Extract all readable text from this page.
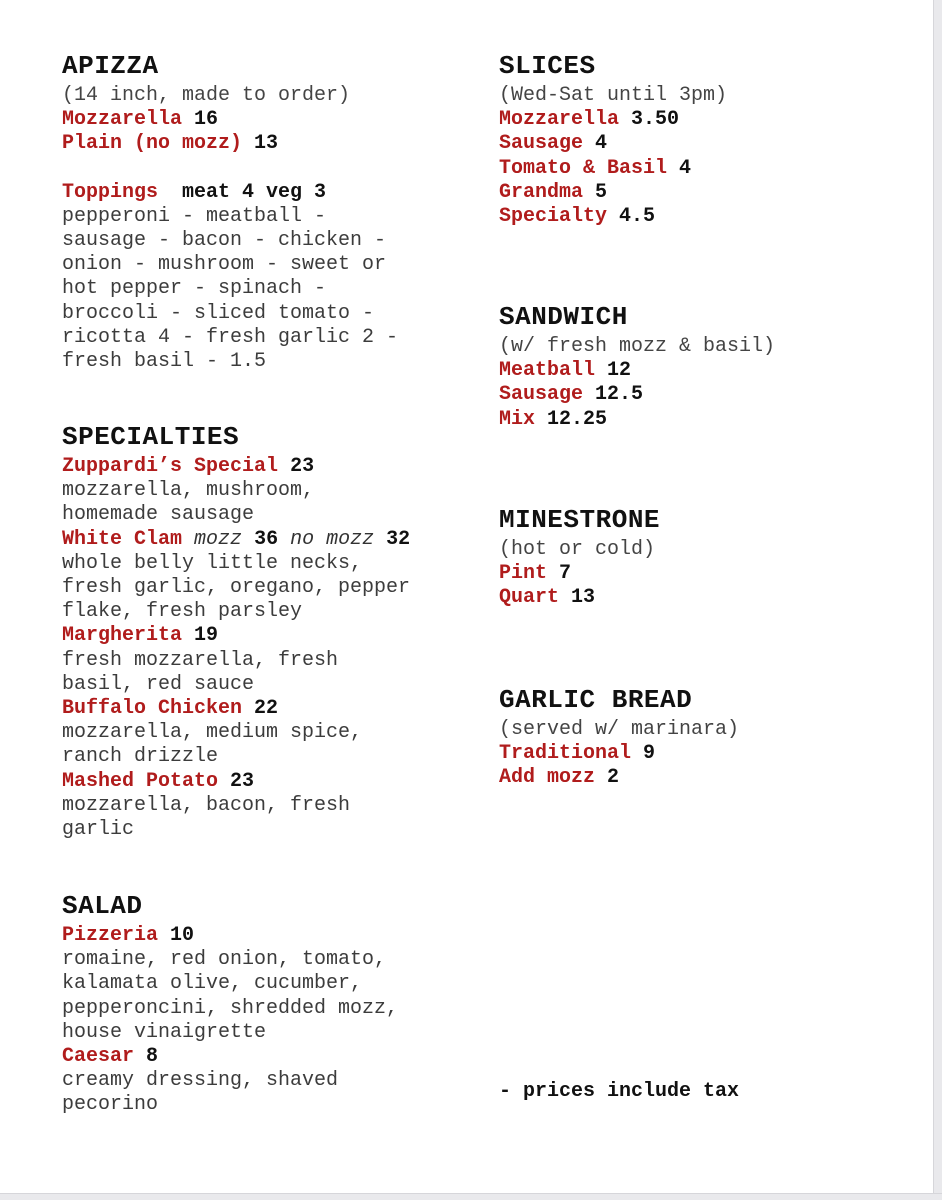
APIZZA
(14 inch, made to order)
Mozzarella 16
Plain (no mozz) 13
Toppings meat 4 veg 3
pepperoni - meatball -
sausage - bacon - chicken -
onion - mushroom - sweet or
hot pepper - spinach -
broccoli - sliced tomato -
ricotta 4 - fresh garlic 2 -
fresh basil - 1.5
SPECIALTIES
Zuppardi’s Special 23
mozzarella, mushroom,
homemade sausage
White Clam mozz 36 no mozz 32
whole belly little necks,
fresh garlic, oregano, pepper
flake, fresh parsley
Margherita 19
fresh mozzarella, fresh
basil, red sauce
Buffalo Chicken 22
mozzarella, medium spice,
ranch drizzle
Mashed Potato 23
mozzarella, bacon, fresh
garlic
SALAD
Pizzeria 10
romaine, red onion, tomato,
kalamata olive, cucumber,
pepperoncini, shredded mozz,
house vinaigrette
Caesar 8
creamy dressing, shaved
pecorino
SLICES
(Wed-Sat until 3pm)
Mozzarella 3.50
Sausage 4
Tomato & Basil 4
Grandma 5
Specialty 4.5
SANDWICH
(w/ fresh mozz & basil)
Meatball 12
Sausage 12.5
Mix 12.25
MINESTRONE
(hot or cold)
Pint 7
Quart 13
GARLIC BREAD
(served w/ marinara)
Traditional 9
Add mozz 2
- prices include tax
